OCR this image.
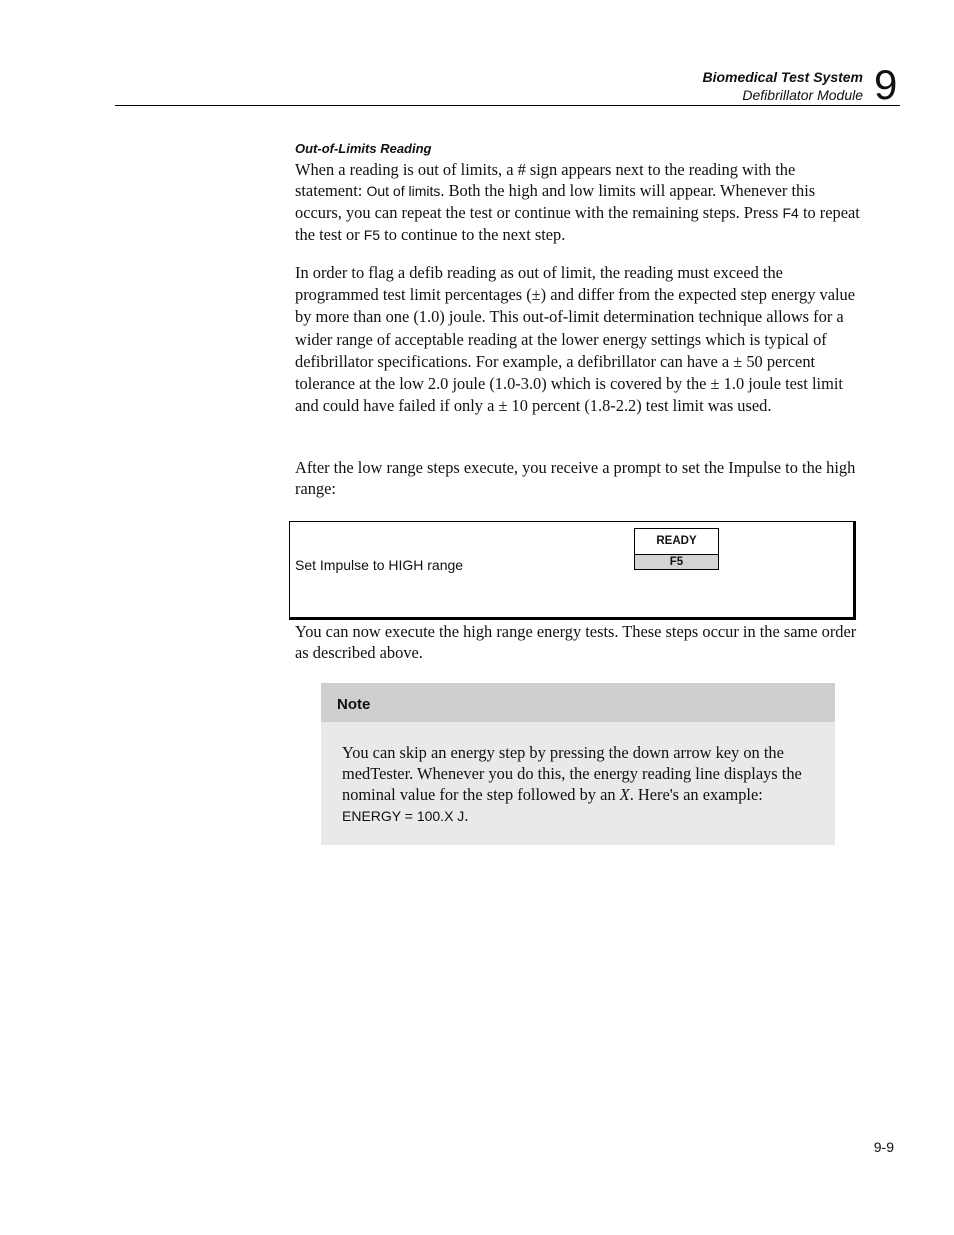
Biomedical Test System
Defibrillator Module 9
Out-of-Limits Reading

When a reading is out of limits, a # sign appears next to the reading with the statement: Out of limits. Both the high and low limits will appear. Whenever this occurs, you can repeat the test or continue with the remaining steps. Press F4 to repeat the test or F5 to continue to the next step.

In order to flag a defib reading as out of limit, the reading must exceed the programmed test limit percentages (±) and differ from the expected step energy value by more than one (1.0) joule. This out-of-limit determination technique allows for a wider range of acceptable reading at the lower energy settings which is typical of defibrillator specifications. For example, a defibrillator can have a ± 50 percent tolerance at the low 2.0 joule (1.0-3.0) which is covered by the ± 1.0 joule test limit and could have failed if only a ± 10 percent (1.8-2.2) test limit was used.

After the low range steps execute, you receive a prompt to set the Impulse to the high range:

Set Impulse to HIGH range
READY
F5

You can now execute the high range energy tests. These steps occur in the same order as described above.

Note

You can skip an energy step by pressing the down arrow key on the medTester. Whenever you do this, the energy reading line displays the nominal value for the step followed by an X. Here's an example: ENERGY = 100.X J.

9-9
